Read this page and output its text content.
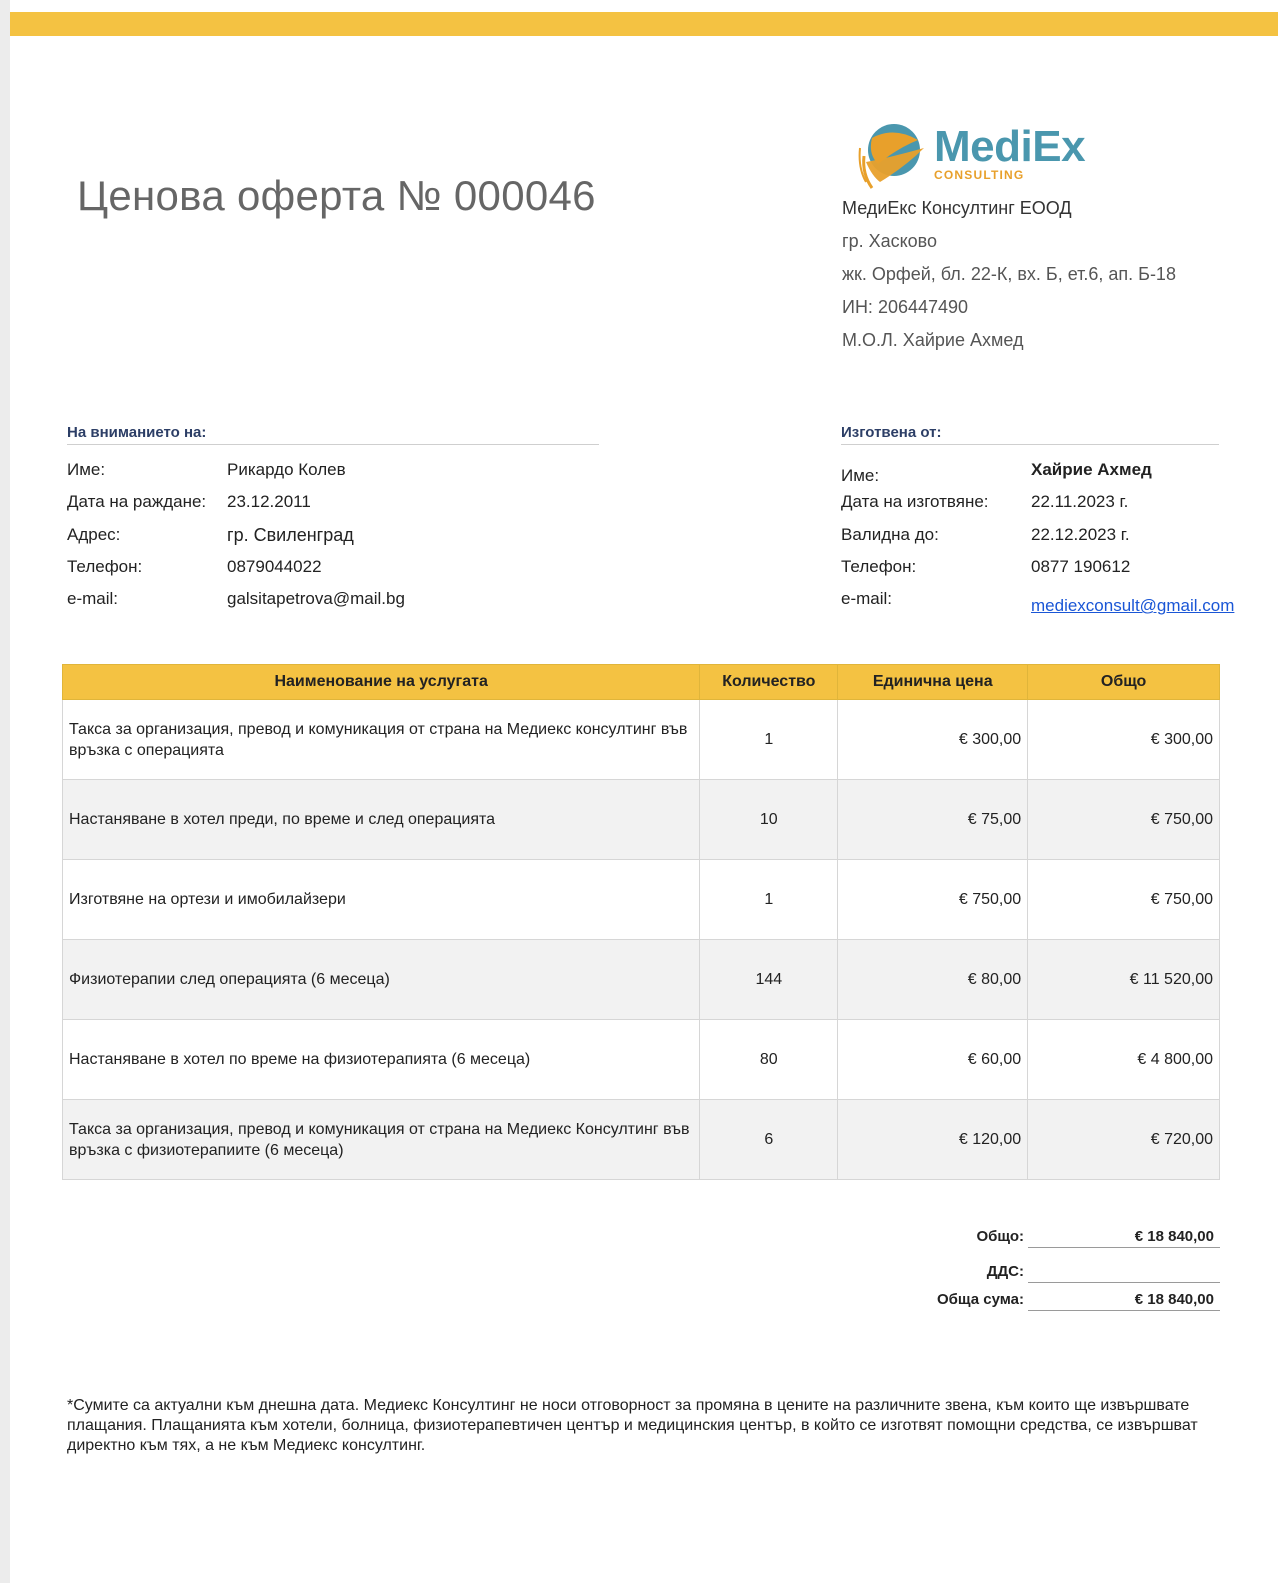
Ценова оферта № 000046
MediEx
CONSULTING
МедиЕкс Консултинг ЕООД
гр. Хасково
жк. Орфей, бл. 22-К, вх. Б, ет.6, ап. Б-18
ИН: 206447490
М.О.Л. Хайрие Ахмед
На вниманието на:	Изготвена от:
Име:	Рикардо Колев
Дата на раждане: 23.12.2011
Адрес:	гр. Свиленград
Телефон:	0879044022
e-mail:	galsitapetrova@mail.bg
Име:	Хайрие Ахмед
Дата на изготвяне: 22.11.2023 г.
Валидна до:	22.12.2023 г.
Телефон:	0877 190612
e-mail:	mediexconsult@gmail.com
Наименование на услугата	Количество	Единична цена	Общо
Такса за организация, превод и комуникация от страна на Медиекс консултинг във връзка с операцията	1	€ 300,00	€ 300,00
Настаняване в хотел преди, по време и след операцията	10	€ 75,00	€ 750,00
Изготвяне на ортези и имобилайзери	1	€ 750,00	€ 750,00
Физиотерапии след операцията (6 месеца)	144	€ 80,00	€ 11 520,00
Настаняване в хотел по време на физиотерапията (6 месеца)	80	€ 60,00	€ 4 800,00
Такса за организация, превод и комуникация от страна на Медиекс Консултинг във връзка с физиотерапиите (6 месеца)	6	€ 120,00	€ 720,00
Общо:	€ 18 840,00
ДДС:
Обща сума:	€ 18 840,00
*Сумите са актуални към днешна дата. Медиекс Консултинг не носи отговорност за промяна в цените на различните звена, към които ще извършвате плащания. Плащанията към хотели, болница, физиотерапевтичен център и медицинския център, в който се изготвят помощни средства, се извършват директно към тях, а не към Медиекс консултинг.
